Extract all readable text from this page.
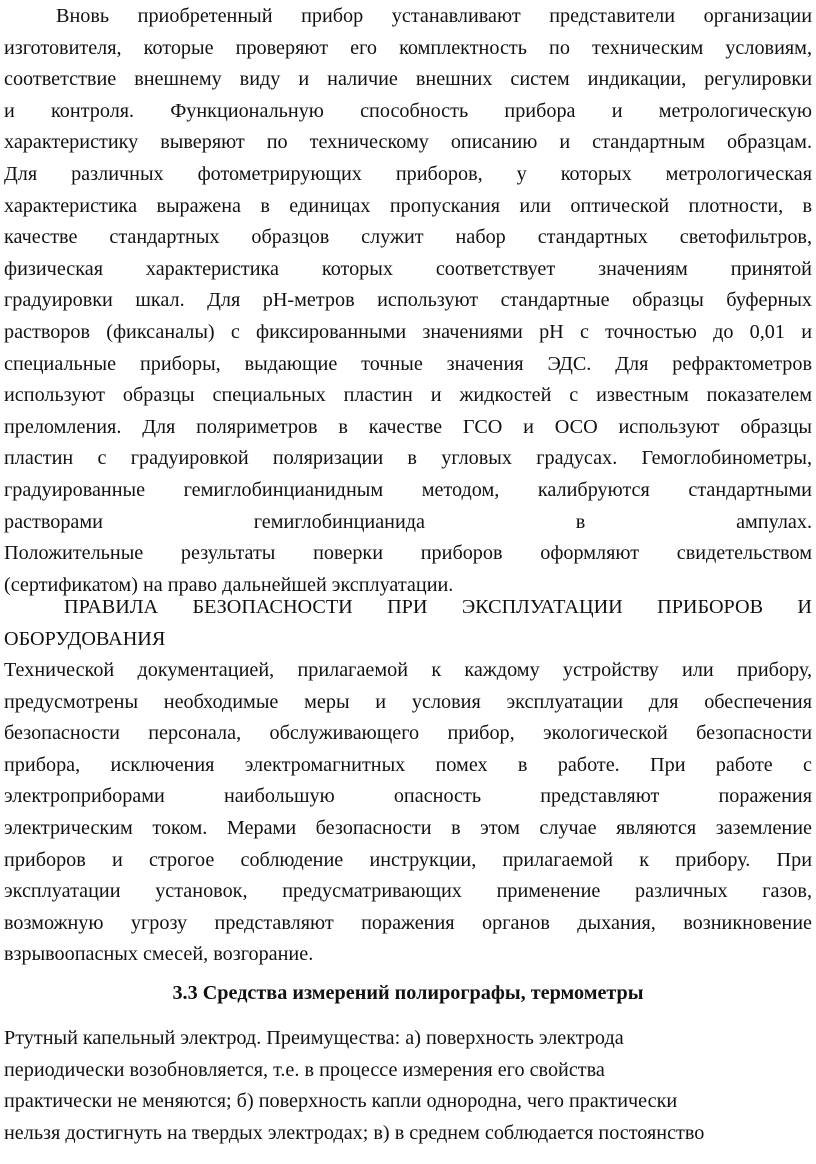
Вновь приобретенный прибор устанавливают представители организации
изготовителя, которые проверяют его комплектность по техническим условиям,
соответствие внешнему виду и наличие внешних систем индикации, регулировки
и контроля. Функциональную способность прибора и метрологическую
характеристику выверяют по техническому описанию и стандартным образцам.
Для различных фотометрирующих приборов, у которых метрологическая
характеристика выражена в единицах пропускания или оптической плотности, в
качестве стандартных образцов служит набор стандартных светофильтров,
физическая характеристика которых соответствует значениям принятой
градуировки шкал. Для рН-метров используют стандартные образцы буферных
растворов (фиксаналы) с фиксированными значениями рН с точностью до 0,01 и
специальные приборы, выдающие точные значения ЭДС. Для рефрактометров
используют образцы специальных пластин и жидкостей с известным показателем
преломления. Для поляриметров в качестве ГСО и ОСО используют образцы
пластин с градуировкой поляризации в угловых градусах. Гемоглобинометры,
градуированные гемиглобинцианидным методом, калибруются стандартными
растворами гемиглобинцианида в ампулах.
Положительные результаты поверки приборов оформляют свидетельством
(сертификатом) на право дальнейшей эксплуатации.
ПРАВИЛА БЕЗОПАСНОСТИ ПРИ ЭКСПЛУАТАЦИИ ПРИБОРОВ И
ОБОРУДОВАНИЯ
Технической документацией, прилагаемой к каждому устройству или прибору,
предусмотрены необходимые меры и условия эксплуатации для обеспечения
безопасности персонала, обслуживающего прибор, экологической безопасности
прибора, исключения электромагнитных помех в работе. При работе с
электроприборами наибольшую опасность представляют поражения
электрическим током. Мерами безопасности в этом случае являются заземление
приборов и строгое соблюдение инструкции, прилагаемой к прибору. При
эксплуатации установок, предусматривающих применение различных газов,
возможную угрозу представляют поражения органов дыхания, возникновение
взрывоопасных смесей, возгорание.
3.3 Средства измерений полирографы, термометры
Ртутный капельный электрод. Преимущества: а) поверхность электрода
периодически возобновляется, т.е. в процессе измерения его свойства
практически не меняются; б) поверхность капли однородна, чего практически
нельзя достигнуть на твердых электродах; в) в среднем соблюдается постоянство
